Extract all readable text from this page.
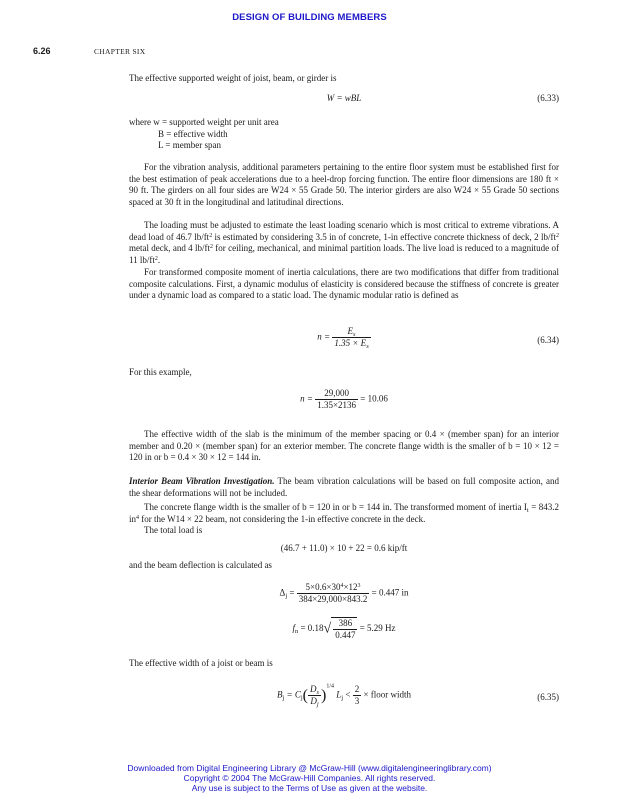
DESIGN OF BUILDING MEMBERS
6.26	CHAPTER SIX

The effective supported weight of joist, beam, or girder is

W = wBL	(6.33)
where w = supported weight per unit area
B = effective width
L = member span

For the vibration analysis, additional parameters pertaining to the entire floor system must be established first for the best estimation of peak accelerations due to a heel-drop forcing function. The entire floor dimensions are 180 ft × 90 ft. The girders on all four sides are W24 × 55 Grade 50. The interior girders are also W24 × 55 Grade 50 sections spaced at 30 ft in the longitudinal and latitudinal directions.

The loading must be adjusted to estimate the least loading scenario which is most critical to extreme vibrations. A dead load of 46.7 $lb/ft^2$ is estimated by considering 3.5 in of concrete, 1-in effective concrete thickness of deck, 2 $lb/ft^2$ metal deck, and 4 $lb/ft^2$ for ceiling, mechanical, and minimal partition loads. The live load is reduced to a magnitude of 11 $lb/ft^2$.

For transformed composite moment of inertia calculations, there are two modifications that differ from traditional composite calculations. First, a dynamic modulus of elasticity is considered because the stiffness of concrete is greater under a dynamic load as compared to a static load. The dynamic modular ratio is defined as

$n = \frac{E_s}{1.35 \times E_s}$	(6.34)
For this example,
$n = \frac{29,000}{1.35\times 2136} = 10.06$

The effective width of the slab is the minimum of the member spacing or 0.4 × (member span) for an interior member and 0.20 × (member span) for an exterior member. The concrete flange width is the smaller of b = 10 × 12 = 120 in or b = 0.4 × 30 × 12 = 144 in.

Interior Beam Vibration Investigation. The beam vibration calculations will be based on full composite action, and the shear deformations will not be included.

The concrete flange width is the smaller of b = 120 in or b = 144 in. The transformed moment of inertia $I_t = 843.2$ $in^4$ for the W14 × 22 beam, not considering the 1-in effective concrete in the deck.

The total load is

(46.7 + 11.0) × 10 + 22 = 0.6 kip/ft
and the beam deflection is calculated as
$\Delta_j = \frac{5\times 0.6\times 30^4\times 12^3}{384\times 29,000\times 843.2} = 0.447$ in
$f_n = 0.18√ \frac{386}{0.447} = 5.29$ Hz
The effective width of a joist or beam is
$B_j = C_j( \frac{D_s}{D_j} )^{1/4}$ $L_j < \frac{2}{3}$ × floor width	(6.35)
Downloaded from Digital Engineering Library @ McGraw-Hill (www.digitalengineeringlibrary.com)
Copyright © 2004 The McGraw-Hill Companies. All rights reserved.
Any use is subject to the Terms of Use as given at the website.
